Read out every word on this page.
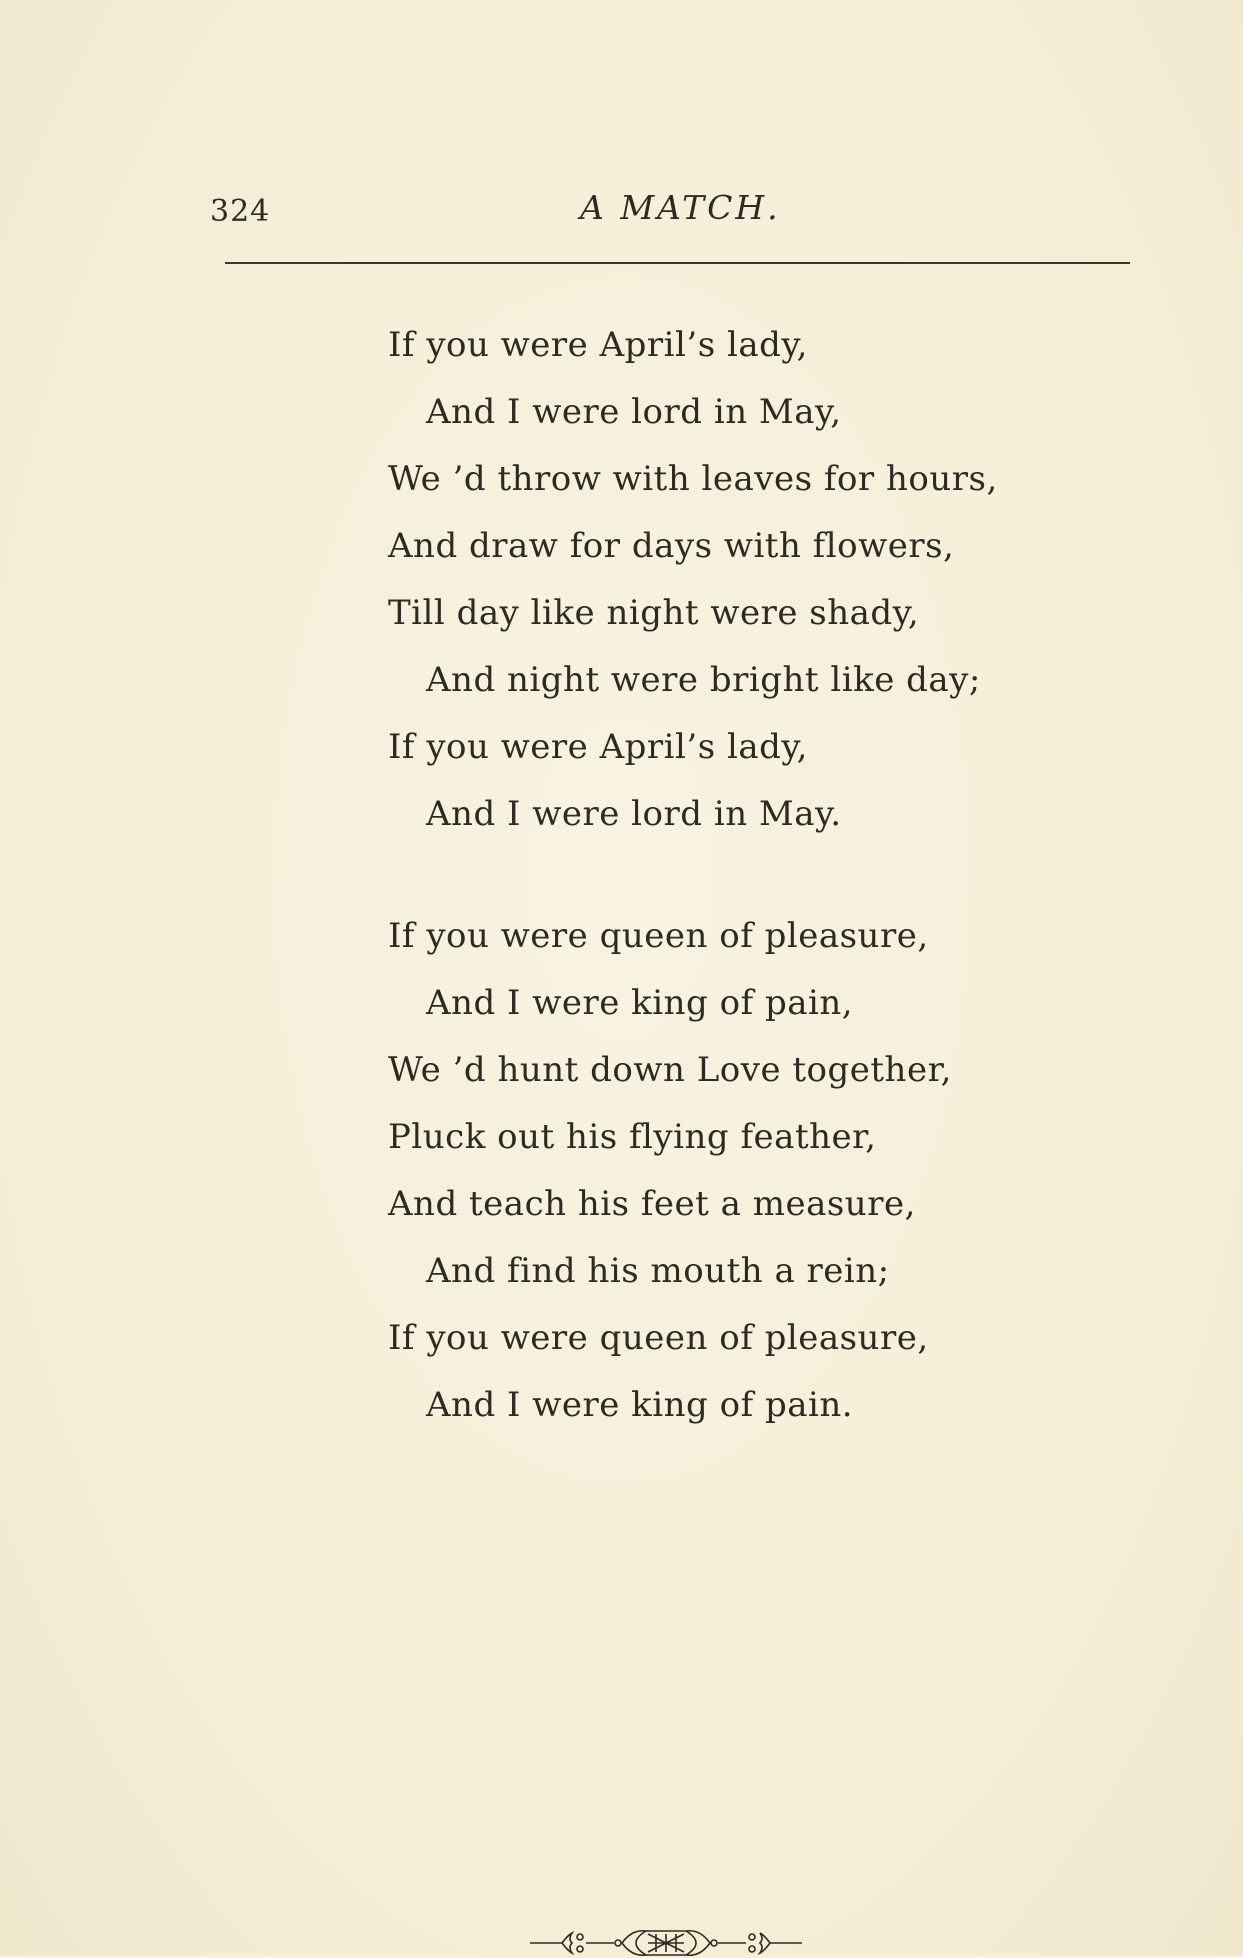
324	A MATCH.
If you were April’s lady,
And I were lord in May,
We ’d throw with leaves for hours,
And draw for days with flowers,
Till day like night were shady,
And night were bright like day;
If you were April’s lady,
And I were lord in May.
If you were queen of pleasure,
And I were king of pain,
We ’d hunt down Love together,
Pluck out his flying feather,
And teach his feet a measure,
And find his mouth a rein;
If you were queen of pleasure,
And I were king of pain.
